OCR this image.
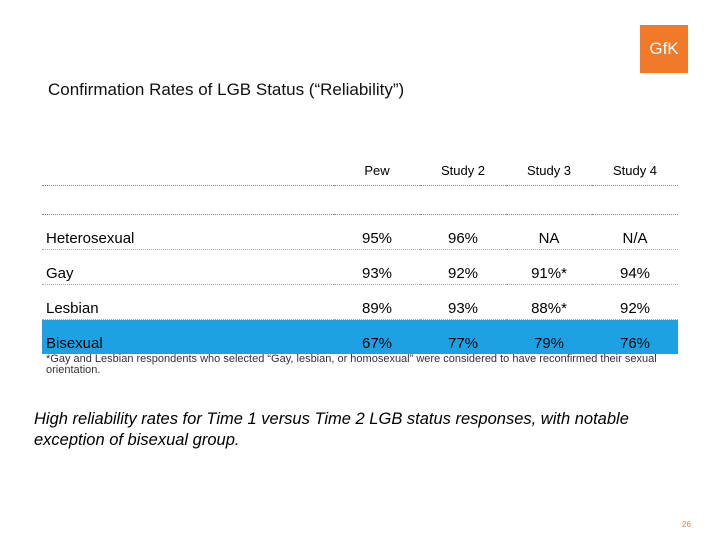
GfK
Confirmation Rates of LGB Status (“Reliability”)
	Pew	Study 2	Study 3	Study 4

Heterosexual	95%	96%	NA	N/A
Gay	93%	92%	91%*	94%
Lesbian	89%	93%	88%*	92%
Bisexual	67%	77%	79%	76%
*Gay and Lesbian respondents who selected “Gay, lesbian, or homosexual” were considered to have reconfirmed their sexual orientation.
High reliability rates for Time 1 versus Time 2 LGB status responses, with notable exception of bisexual group.
26
